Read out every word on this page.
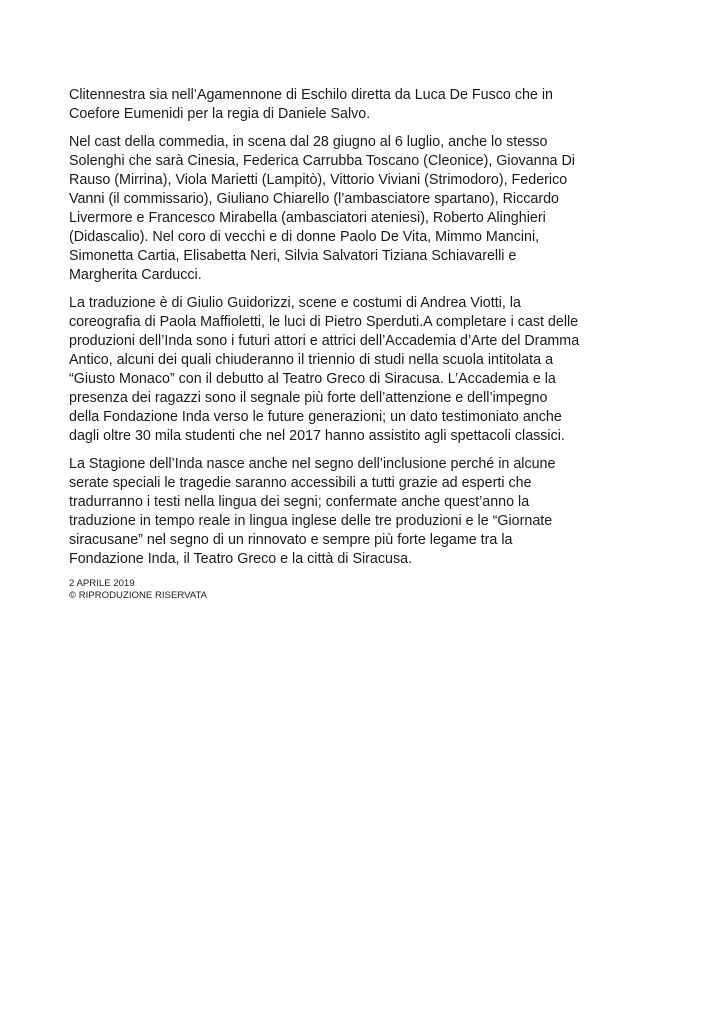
Clitennestra sia nell’Agamennone di Eschilo diretta da Luca De Fusco che in
Coefore Eumenidi per la regia di Daniele Salvo.

Nel cast della commedia, in scena dal 28 giugno al 6 luglio, anche lo stesso
Solenghi che sarà Cinesia, Federica Carrubba Toscano (Cleonice), Giovanna Di
Rauso (Mirrina), Viola Marietti (Lampitò), Vittorio Viviani (Strimodoro), Federico
Vanni (il commissario), Giuliano Chiarello (l’ambasciatore spartano), Riccardo
Livermore e Francesco Mirabella (ambasciatori ateniesi), Roberto Alinghieri
(Didascalio). Nel coro di vecchi e di donne Paolo De Vita, Mimmo Mancini,
Simonetta Cartia, Elisabetta Neri, Silvia Salvatori Tiziana Schiavarelli e
Margherita Carducci.

La traduzione è di Giulio Guidorizzi, scene e costumi di Andrea Viotti, la
coreografia di Paola Maffioletti, le luci di Pietro Sperduti.A completare i cast delle
produzioni dell’Inda sono i futuri attori e attrici dell’Accademia d’Arte del Dramma
Antico, alcuni dei quali chiuderanno il triennio di studi nella scuola intitolata a
“Giusto Monaco” con il debutto al Teatro Greco di Siracusa. L’Accademia e la
presenza dei ragazzi sono il segnale più forte dell’attenzione e dell’impegno
della Fondazione Inda verso le future generazioni; un dato testimoniato anche
dagli oltre 30 mila studenti che nel 2017 hanno assistito agli spettacoli classici.

La Stagione dell’Inda nasce anche nel segno dell’inclusione perché in alcune
serate speciali le tragedie saranno accessibili a tutti grazie ad esperti che
tradurranno i testi nella lingua dei segni; confermate anche quest’anno la
traduzione in tempo reale in lingua inglese delle tre produzioni e le “Giornate
siracusane” nel segno di un rinnovato e sempre più forte legame tra la
Fondazione Inda, il Teatro Greco e la città di Siracusa.

2 APRILE 2019
© RIPRODUZIONE RISERVATA
